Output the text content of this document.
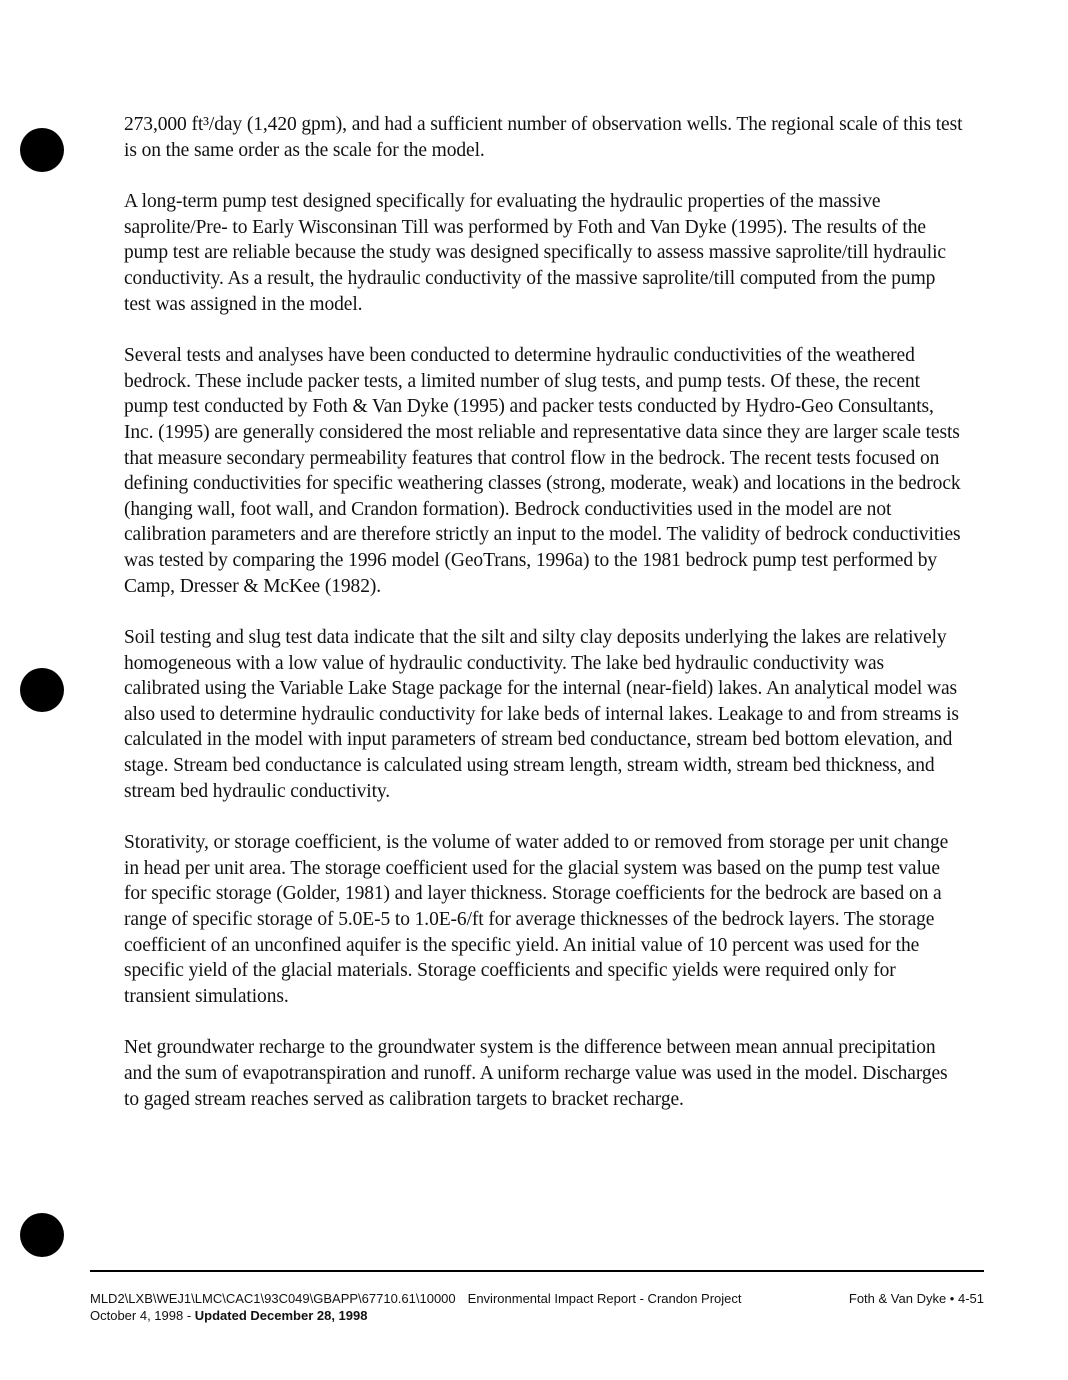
273,000 ft³/day (1,420 gpm), and had a sufficient number of observation wells. The regional scale of this test is on the same order as the scale for the model.

A long-term pump test designed specifically for evaluating the hydraulic properties of the massive saprolite/Pre- to Early Wisconsinan Till was performed by Foth and Van Dyke (1995). The results of the pump test are reliable because the study was designed specifically to assess massive saprolite/till hydraulic conductivity. As a result, the hydraulic conductivity of the massive saprolite/till computed from the pump test was assigned in the model.

Several tests and analyses have been conducted to determine hydraulic conductivities of the weathered bedrock. These include packer tests, a limited number of slug tests, and pump tests. Of these, the recent pump test conducted by Foth & Van Dyke (1995) and packer tests conducted by Hydro-Geo Consultants, Inc. (1995) are generally considered the most reliable and representative data since they are larger scale tests that measure secondary permeability features that control flow in the bedrock. The recent tests focused on defining conductivities for specific weathering classes (strong, moderate, weak) and locations in the bedrock (hanging wall, foot wall, and Crandon formation). Bedrock conductivities used in the model are not calibration parameters and are therefore strictly an input to the model. The validity of bedrock conductivities was tested by comparing the 1996 model (GeoTrans, 1996a) to the 1981 bedrock pump test performed by Camp, Dresser & McKee (1982).

Soil testing and slug test data indicate that the silt and silty clay deposits underlying the lakes are relatively homogeneous with a low value of hydraulic conductivity. The lake bed hydraulic conductivity was calibrated using the Variable Lake Stage package for the internal (near-field) lakes. An analytical model was also used to determine hydraulic conductivity for lake beds of internal lakes. Leakage to and from streams is calculated in the model with input parameters of stream bed conductance, stream bed bottom elevation, and stage. Stream bed conductance is calculated using stream length, stream width, stream bed thickness, and stream bed hydraulic conductivity.

Storativity, or storage coefficient, is the volume of water added to or removed from storage per unit change in head per unit area. The storage coefficient used for the glacial system was based on the pump test value for specific storage (Golder, 1981) and layer thickness. Storage coefficients for the bedrock are based on a range of specific storage of 5.0E-5 to 1.0E-6/ft for average thicknesses of the bedrock layers. The storage coefficient of an unconfined aquifer is the specific yield. An initial value of 10 percent was used for the specific yield of the glacial materials. Storage coefficients and specific yields were required only for transient simulations.

Net groundwater recharge to the groundwater system is the difference between mean annual precipitation and the sum of evapotranspiration and runoff. A uniform recharge value was used in the model. Discharges to gaged stream reaches served as calibration targets to bracket recharge.

MLD2\LXB\WEJ1\LMC\CAC1\93C049\GBAPP\67710.61\10000 Environmental Impact Report - Crandon Project	Foth & Van Dyke • 4-51
October 4, 1998 - Updated December 28, 1998
